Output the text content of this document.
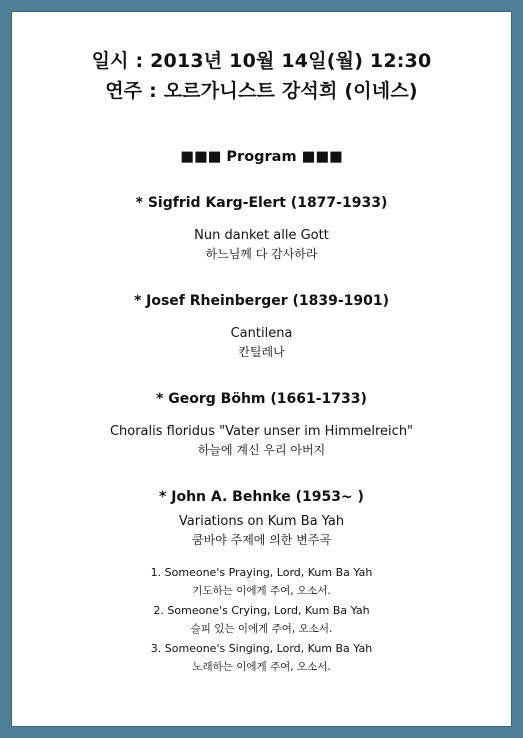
일시 : 2013년 10월 14일(월) 12:30
연주 : 오르가니스트 강석희 (이네스)
■■■ Program ■■■
* Sigfrid Karg-Elert (1877-1933)
Nun danket alle Gott
하느님께 다 감사하라
* Josef Rheinberger (1839-1901)
Cantilena
칸틸레나
* Georg Böhm (1661-1733)
Choralis floridus "Vater unser im Himmelreich"
하늘에 계신 우리 아버지
* John A. Behnke (1953~ )
Variations on Kum Ba Yah
쿰바야 주제에 의한 변주곡
1. Someone's Praying, Lord, Kum Ba Yah
기도하는 이에게 주여, 오소서.
2. Someone's Crying, Lord, Kum Ba Yah
슬피 있는 이에게 주여, 오소서.
3. Someone's Singing, Lord, Kum Ba Yah
노래하는 이에게 주여, 오소서.
